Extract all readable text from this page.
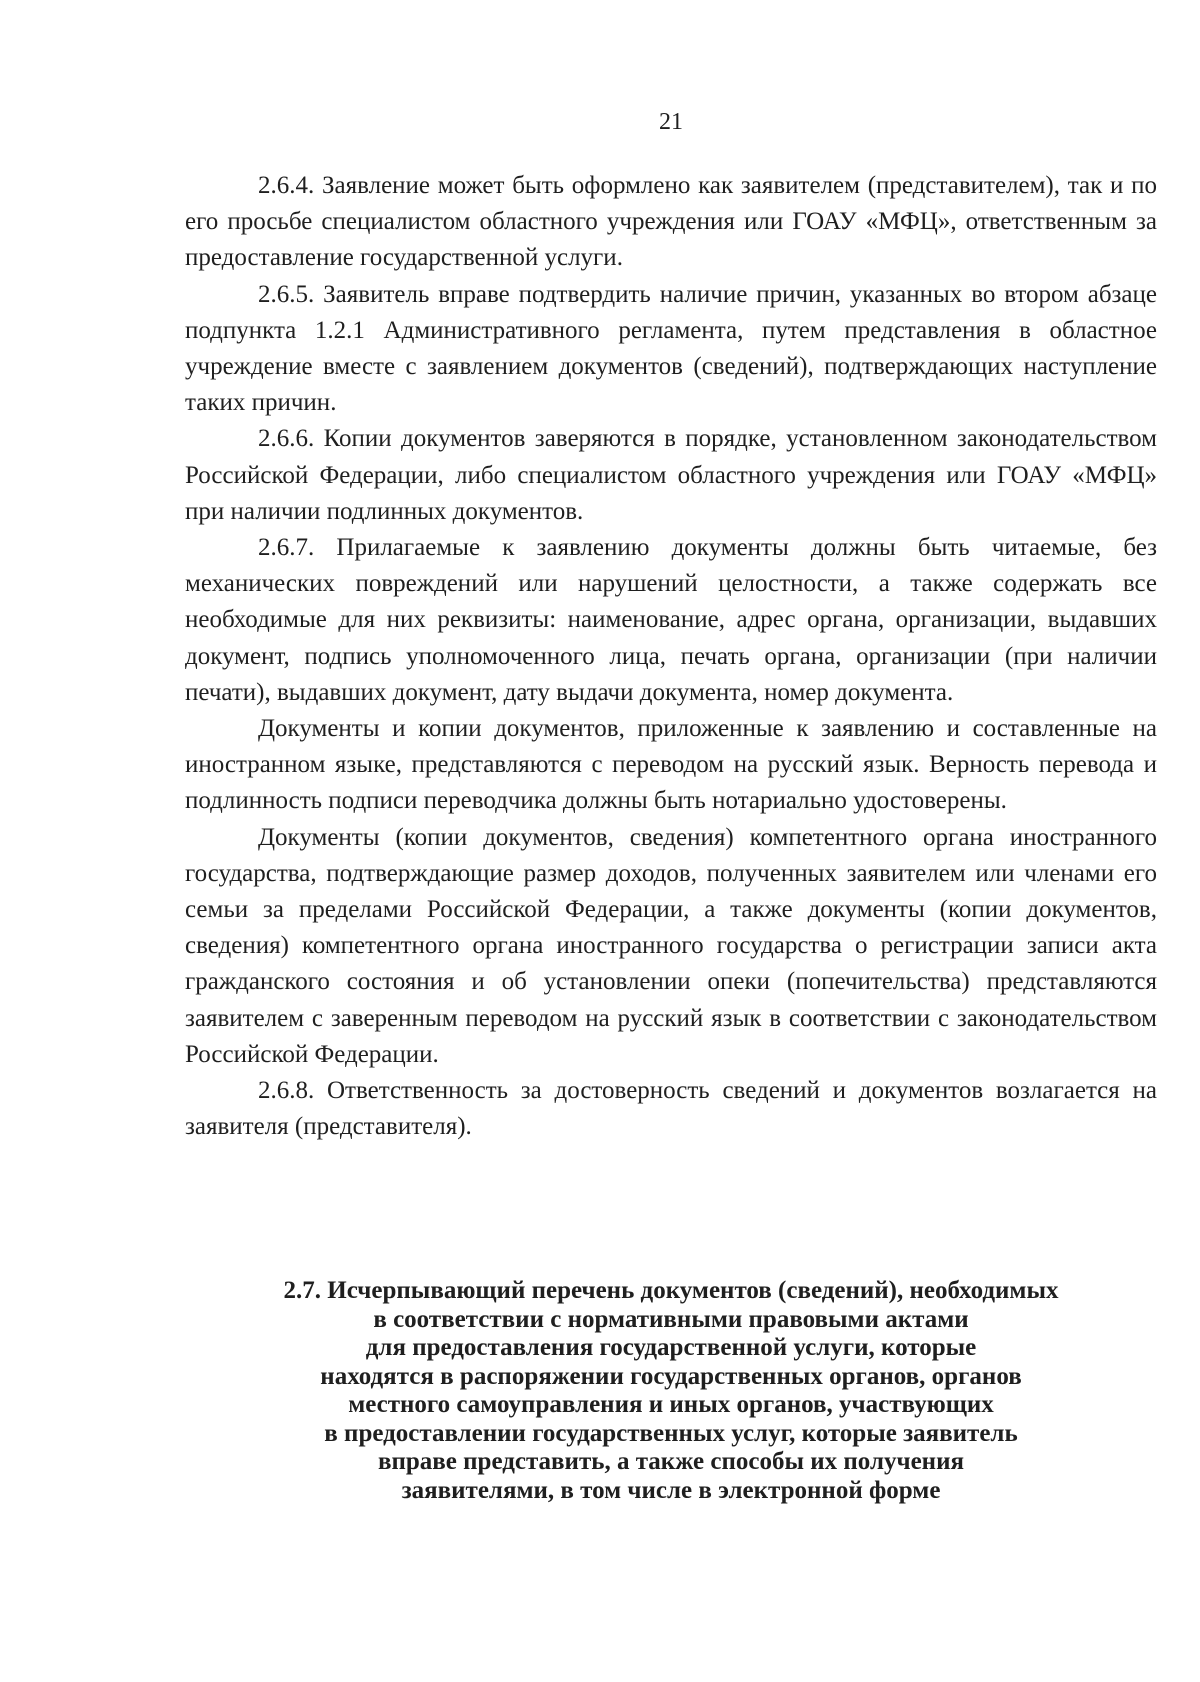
21

2.6.4. Заявление может быть оформлено как заявителем (представителем), так и по его просьбе специалистом областного учреждения или ГОАУ «МФЦ», ответственным за предоставление государственной услуги.

2.6.5. Заявитель вправе подтвердить наличие причин, указанных во втором абзаце подпункта 1.2.1 Административного регламента, путем представления в областное учреждение вместе с заявлением документов (сведений), подтверждающих наступление таких причин.

2.6.6. Копии документов заверяются в порядке, установленном законодательством Российской Федерации, либо специалистом областного учреждения или ГОАУ «МФЦ» при наличии подлинных документов.

2.6.7. Прилагаемые к заявлению документы должны быть читаемые, без механических повреждений или нарушений целостности, а также содержать все необходимые для них реквизиты: наименование, адрес органа, организации, выдавших документ, подпись уполномоченного лица, печать органа, организации (при наличии печати), выдавших документ, дату выдачи документа, номер документа.

Документы и копии документов, приложенные к заявлению и составленные на иностранном языке, представляются с переводом на русский язык. Верность перевода и подлинность подписи переводчика должны быть нотариально удостоверены.

Документы (копии документов, сведения) компетентного органа иностранного государства, подтверждающие размер доходов, полученных заявителем или членами его семьи за пределами Российской Федерации, а также документы (копии документов, сведения) компетентного органа иностранного государства о регистрации записи акта гражданского состояния и об установлении опеки (попечительства) представляются заявителем с заверенным переводом на русский язык в соответствии с законодательством Российской Федерации.

2.6.8. Ответственность за достоверность сведений и документов возлагается на заявителя (представителя).

2.7. Исчерпывающий перечень документов (сведений), необходимых
в соответствии с нормативными правовыми актами
для предоставления государственной услуги, которые
находятся в распоряжении государственных органов, органов
местного самоуправления и иных органов, участвующих
в предоставлении государственных услуг, которые заявитель
вправе представить, а также способы их получения
заявителями, в том числе в электронной форме
